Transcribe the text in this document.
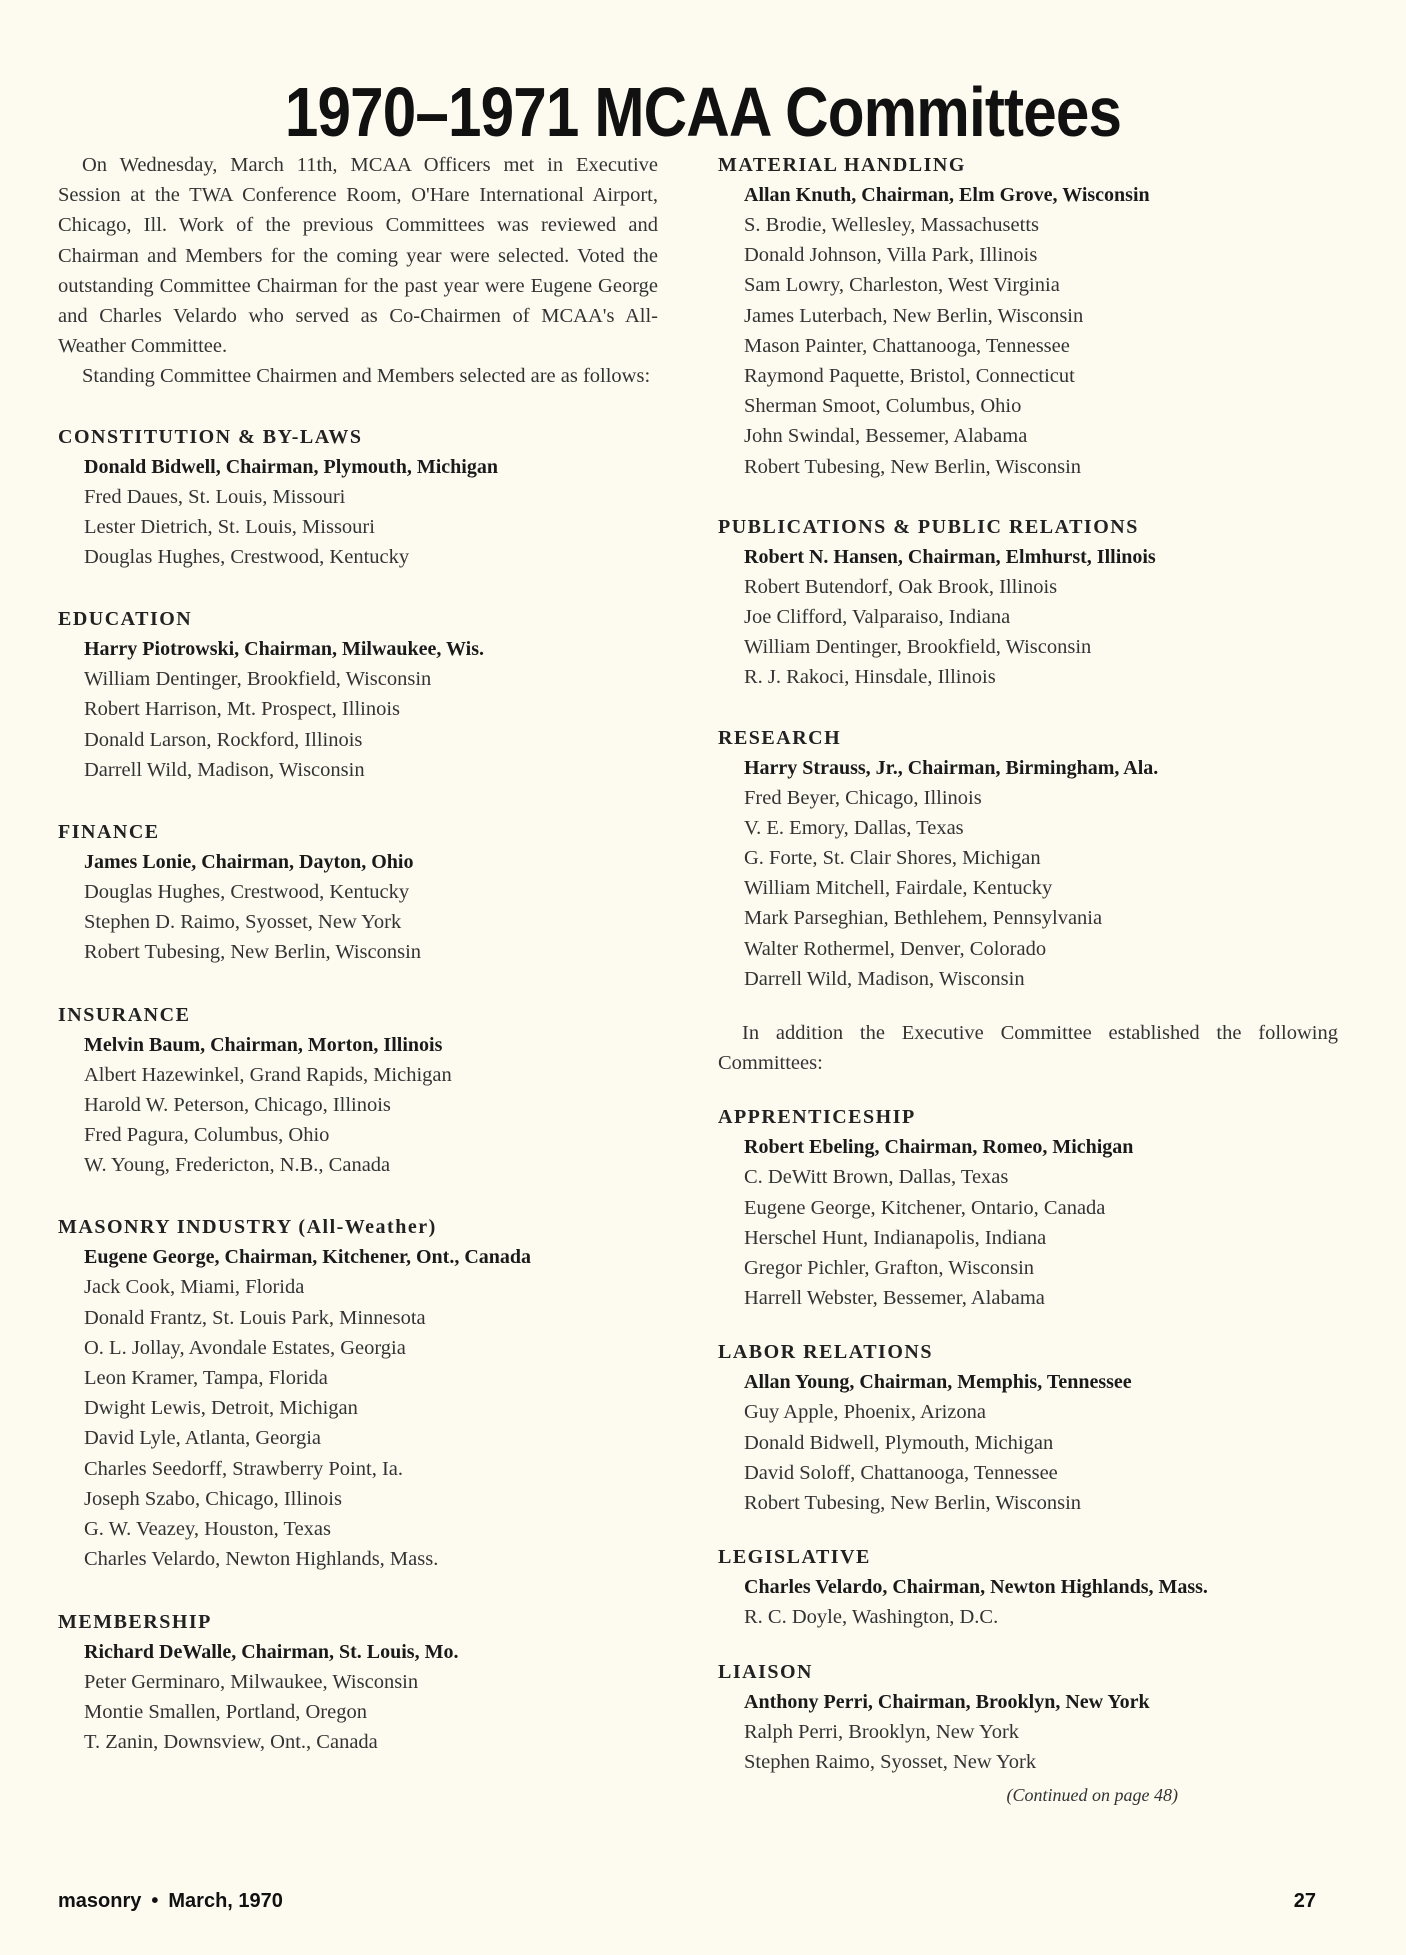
1970–1971 MCAA Committees

On Wednesday, March 11th, MCAA Officers met in Executive Session at the TWA Conference Room, O'Hare International Airport, Chicago, Ill. Work of the previous Committees was reviewed and Chairman and Members for the coming year were selected. Voted the outstanding Committee Chairman for the past year were Eugene George and Charles Velardo who served as Co-Chairmen of MCAA's All-Weather Committee.

Standing Committee Chairmen and Members selected are as follows:

CONSTITUTION & BY-LAWS

Donald Bidwell, Chairman, Plymouth, Michigan

Fred Daues, St. Louis, Missouri

Lester Dietrich, St. Louis, Missouri

Douglas Hughes, Crestwood, Kentucky

EDUCATION

Harry Piotrowski, Chairman, Milwaukee, Wis.

William Dentinger, Brookfield, Wisconsin

Robert Harrison, Mt. Prospect, Illinois

Donald Larson, Rockford, Illinois

Darrell Wild, Madison, Wisconsin

FINANCE

James Lonie, Chairman, Dayton, Ohio

Douglas Hughes, Crestwood, Kentucky

Stephen D. Raimo, Syosset, New York

Robert Tubesing, New Berlin, Wisconsin

INSURANCE

Melvin Baum, Chairman, Morton, Illinois

Albert Hazewinkel, Grand Rapids, Michigan

Harold W. Peterson, Chicago, Illinois

Fred Pagura, Columbus, Ohio

W. Young, Fredericton, N.B., Canada

MASONRY INDUSTRY (All-Weather)

Eugene George, Chairman, Kitchener, Ont., Canada

Jack Cook, Miami, Florida

Donald Frantz, St. Louis Park, Minnesota

O. L. Jollay, Avondale Estates, Georgia

Leon Kramer, Tampa, Florida

Dwight Lewis, Detroit, Michigan

David Lyle, Atlanta, Georgia

Charles Seedorff, Strawberry Point, Ia.

Joseph Szabo, Chicago, Illinois

G. W. Veazey, Houston, Texas

Charles Velardo, Newton Highlands, Mass.

MEMBERSHIP

Richard DeWalle, Chairman, St. Louis, Mo.

Peter Germinaro, Milwaukee, Wisconsin

Montie Smallen, Portland, Oregon

T. Zanin, Downsview, Ont., Canada

MATERIAL HANDLING

Allan Knuth, Chairman, Elm Grove, Wisconsin

S. Brodie, Wellesley, Massachusetts

Donald Johnson, Villa Park, Illinois

Sam Lowry, Charleston, West Virginia

James Luterbach, New Berlin, Wisconsin

Mason Painter, Chattanooga, Tennessee

Raymond Paquette, Bristol, Connecticut

Sherman Smoot, Columbus, Ohio

John Swindal, Bessemer, Alabama

Robert Tubesing, New Berlin, Wisconsin

PUBLICATIONS & PUBLIC RELATIONS

Robert N. Hansen, Chairman, Elmhurst, Illinois

Robert Butendorf, Oak Brook, Illinois

Joe Clifford, Valparaiso, Indiana

William Dentinger, Brookfield, Wisconsin

R. J. Rakoci, Hinsdale, Illinois

RESEARCH

Harry Strauss, Jr., Chairman, Birmingham, Ala.

Fred Beyer, Chicago, Illinois

V. E. Emory, Dallas, Texas

G. Forte, St. Clair Shores, Michigan

William Mitchell, Fairdale, Kentucky

Mark Parseghian, Bethlehem, Pennsylvania

Walter Rothermel, Denver, Colorado

Darrell Wild, Madison, Wisconsin

In addition the Executive Committee established the following Committees:

APPRENTICESHIP

Robert Ebeling, Chairman, Romeo, Michigan

C. DeWitt Brown, Dallas, Texas

Eugene George, Kitchener, Ontario, Canada

Herschel Hunt, Indianapolis, Indiana

Gregor Pichler, Grafton, Wisconsin

Harrell Webster, Bessemer, Alabama

LABOR RELATIONS

Allan Young, Chairman, Memphis, Tennessee

Guy Apple, Phoenix, Arizona

Donald Bidwell, Plymouth, Michigan

David Soloff, Chattanooga, Tennessee

Robert Tubesing, New Berlin, Wisconsin

LEGISLATIVE

Charles Velardo, Chairman, Newton Highlands, Mass.

R. C. Doyle, Washington, D.C.

LIAISON

Anthony Perri, Chairman, Brooklyn, New York

Ralph Perri, Brooklyn, New York

Stephen Raimo, Syosset, New York

(Continued on page 48)

masonry • March, 1970	27
